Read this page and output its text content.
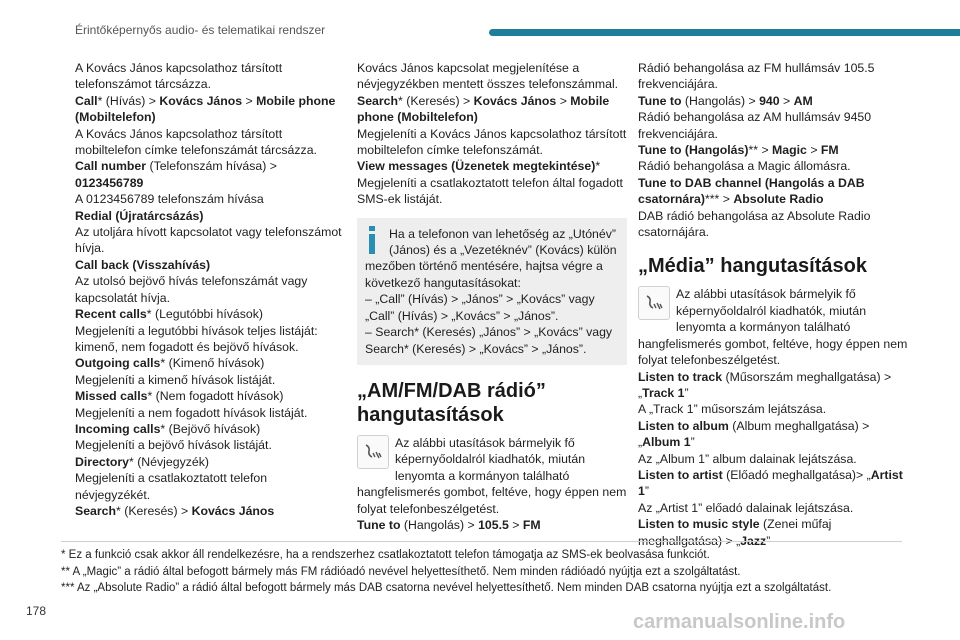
Érintőképernyős audio- és telematikai rendszer

A Kovács János kapcsolathoz társított telefonszámot tárcsázza.

Call* (Hívás) > Kovács János > Mobile phone (Mobiltelefon)

A Kovács János kapcsolathoz társított mobiltelefon címke telefonszámát tárcsázza.

Call number (Telefonszám hívása) > 0123456789

A 0123456789 telefonszám hívása

Redial (Újratárcsázás)

Az utoljára hívott kapcsolatot vagy telefonszámot hívja.

Call back (Visszahívás)

Az utolsó bejövő hívás telefonszámát vagy kapcsolatát hívja.

Recent calls* (Legutóbbi hívások)

Megjeleníti a legutóbbi hívások teljes listáját: kimenő, nem fogadott és bejövő hívások.

Outgoing calls* (Kimenő hívások)

Megjeleníti a kimenő hívások listáját.

Missed calls* (Nem fogadott hívások)

Megjeleníti a nem fogadott hívások listáját.

Incoming calls* (Bejövő hívások)

Megjeleníti a bejövő hívások listáját.

Directory* (Névjegyzék)

Megjeleníti a csatlakoztatott telefon névjegyzékét.

Search* (Keresés) > Kovács János

Kovács János kapcsolat megjelenítése a névjegyzékben mentett összes telefonszámmal.

Search* (Keresés) > Kovács János > Mobile phone (Mobiltelefon)

Megjeleníti a Kovács János kapcsolathoz társított mobiltelefon címke telefonszámát.

View messages (Üzenetek megtekintése)*

Megjeleníti a csatlakoztatott telefon által fogadott SMS-ek listáját.

Ha a telefonon van lehetőség az „Utónév” (János) és a „Vezetéknév” (Kovács) külön mezőben történő mentésére, hajtsa végre a következő hangutasításokat:

– „Call” (Hívás) > „János” > „Kovács” vagy „Call” (Hívás) > „Kovács” > „János”.

– Search* (Keresés) „János” > „Kovács” vagy Search* (Keresés) > „Kovács” > „János”.

„AM/FM/DAB rádió” hangutasítások
Az alábbi utasítások bármelyik fő képernyőoldalról kiadhatók, miután lenyomta a kormányon található hangfelismerés gombot, feltéve, hogy éppen nem folyat telefonbeszélgetést.

Tune to (Hangolás) > 105.5 > FM

Rádió behangolása az FM hullámsáv 105.5 frekvenciájára.

Tune to (Hangolás) > 940 > AM

Rádió behangolása az AM hullámsáv 9450 frekvenciájára.

Tune to (Hangolás)** > Magic > FM

Rádió behangolása a Magic állomásra.

Tune to DAB channel (Hangolás a DAB csatornára)*** > Absolute Radio

DAB rádió behangolása az Absolute Radio csatornájára.

„Média” hangutasítások
Az alábbi utasítások bármelyik fő képernyőoldalról kiadhatók, miután lenyomta a kormányon található hangfelismerés gombot, feltéve, hogy éppen nem folyat telefonbeszélgetést.

Listen to track (Műsorszám meghallgatása) > „Track 1”

A „Track 1” műsorszám lejátszása.

Listen to album (Album meghallgatása) > „Album 1”

Az „Album 1” album dalainak lejátszása.

Listen to artist (Előadó meghallgatása)> „Artist 1”

Az „Artist 1” előadó dalainak lejátszása.

Listen to music style (Zenei műfaj meghallgatása) > „Jazz”

* Ez a funkció csak akkor áll rendelkezésre, ha a rendszerhez csatlakoztatott telefon támogatja az SMS-ek beolvasása funkciót.

** A „Magic” a rádió által befogott bármely más FM rádióadó nevével helyettesíthető. Nem minden rádióadó nyújtja ezt a szolgáltatást.

*** Az „Absolute Radio” a rádió által befogott bármely más DAB csatorna nevével helyettesíthető. Nem minden DAB csatorna nyújtja ezt a szolgáltatást.

178	carmanualsonline.info
